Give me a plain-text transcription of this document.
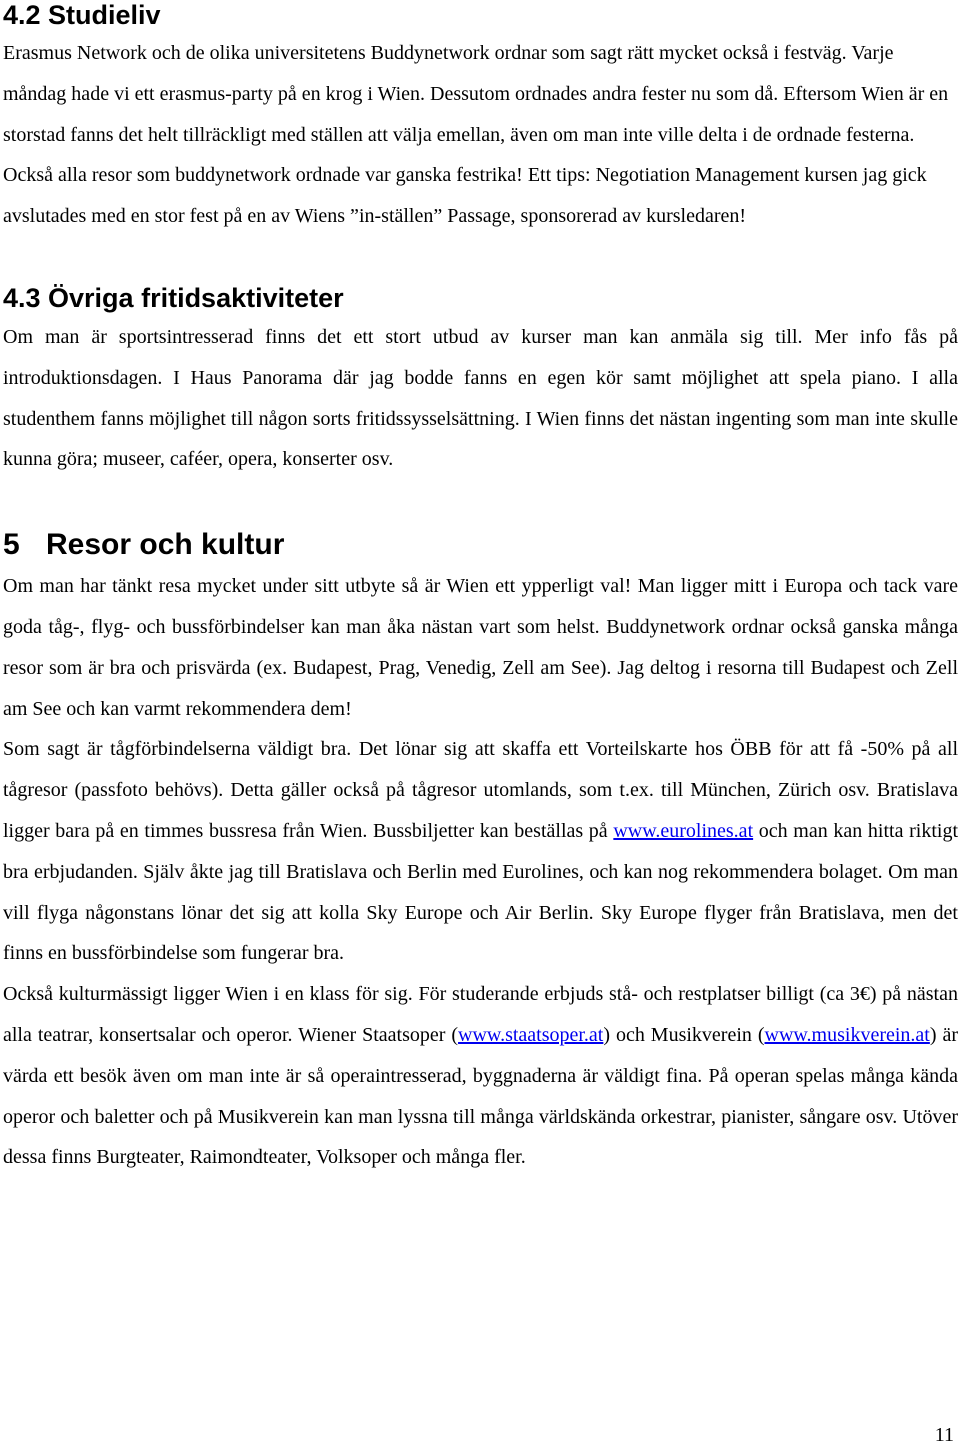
4.2 Studieliv

Erasmus Network och de olika universitetens Buddynetwork ordnar som sagt rätt mycket också i festväg. Varje måndag hade vi ett erasmus-party på en krog i Wien. Dessutom ordnades andra fester nu som då. Eftersom Wien är en storstad fanns det helt tillräckligt med ställen att välja emellan, även om man inte ville delta i de ordnade festerna. Också alla resor som buddynetwork ordnade var ganska festrika! Ett tips: Negotiation Management kursen jag gick avslutades med en stor fest på en av Wiens ”in-ställen” Passage, sponsorerad av kursledaren!

4.3 Övriga fritidsaktiviteter

Om man är sportsintresserad finns det ett stort utbud av kurser man kan anmäla sig till. Mer info fås på introduktionsdagen. I Haus Panorama där jag bodde fanns en egen kör samt möjlighet att spela piano. I alla studenthem fanns möjlighet till någon sorts fritidssysselsättning. I Wien finns det nästan ingenting som man inte skulle kunna göra; museer, caféer, opera, konserter osv.

5 Resor och kultur

Om man har tänkt resa mycket under sitt utbyte så är Wien ett ypperligt val! Man ligger mitt i Europa och tack vare goda tåg-, flyg- och bussförbindelser kan man åka nästan vart som helst. Buddynetwork ordnar också ganska många resor som är bra och prisvärda (ex. Budapest, Prag, Venedig, Zell am See). Jag deltog i resorna till Budapest och Zell am See och kan varmt rekommendera dem!

Som sagt är tågförbindelserna väldigt bra. Det lönar sig att skaffa ett Vorteilskarte hos ÖBB för att få -50% på all tågresor (passfoto behövs). Detta gäller också på tågresor utomlands, som t.ex. till München, Zürich osv. Bratislava ligger bara på en timmes bussresa från Wien. Bussbiljetter kan beställas på www.eurolines.at och man kan hitta riktigt bra erbjudanden. Själv åkte jag till Bratislava och Berlin med Eurolines, och kan nog rekommendera bolaget. Om man vill flyga någonstans lönar det sig att kolla Sky Europe och Air Berlin. Sky Europe flyger från Bratislava, men det finns en bussförbindelse som fungerar bra.

Också kulturmässigt ligger Wien i en klass för sig. För studerande erbjuds stå- och restplatser billigt (ca 3€) på nästan alla teatrar, konsertsalar och operor. Wiener Staatsoper (www.staatsoper.at) och Musikverein (www.musikverein.at) är värda ett besök även om man inte är så operaintresserad, byggnaderna är väldigt fina. På operan spelas många kända operor och baletter och på Musikverein kan man lyssna till många världskända orkestrar, pianister, sångare osv. Utöver dessa finns Burgteater, Raimondteater, Volksoper och många fler.

11
